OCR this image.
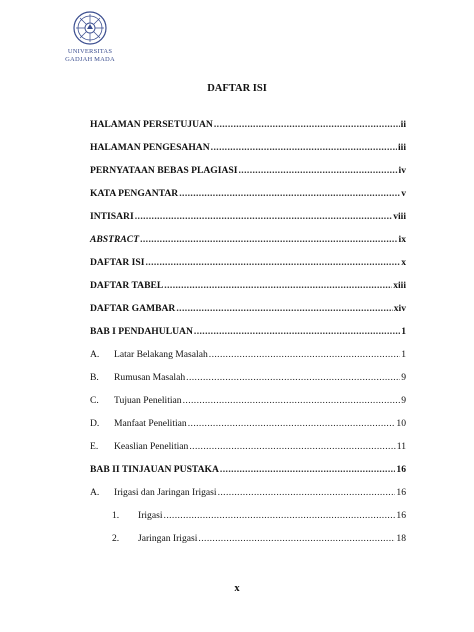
UNIVERSITAS
GADJAH MADA
DAFTAR ISI
HALAMAN PERSETUJUAN .....	ii
HALAMAN PENGESAHAN .....	iii
PERNYATAAN BEBAS PLAGIASI .....	iv
KATA PENGANTAR .....	v
INTISARI .....	viii
ABSTRACT .....	ix
DAFTAR ISI .....	x
DAFTAR TABEL .....	xiii
DAFTAR GAMBAR .....	xiv
BAB I PENDAHULUAN .....	1
A.	Latar Belakang Masalah .....	1
B.	Rumusan Masalah .....	9
C.	Tujuan Penelitian .....	9
D.	Manfaat Penelitian .....	10
E.	Keaslian Penelitian .....	11
BAB II TINJAUAN PUSTAKA .....	16
A.	Irigasi dan Jaringan Irigasi .....	16
1.	Irigasi .....	16
2.	Jaringan Irigasi .....	18
x
